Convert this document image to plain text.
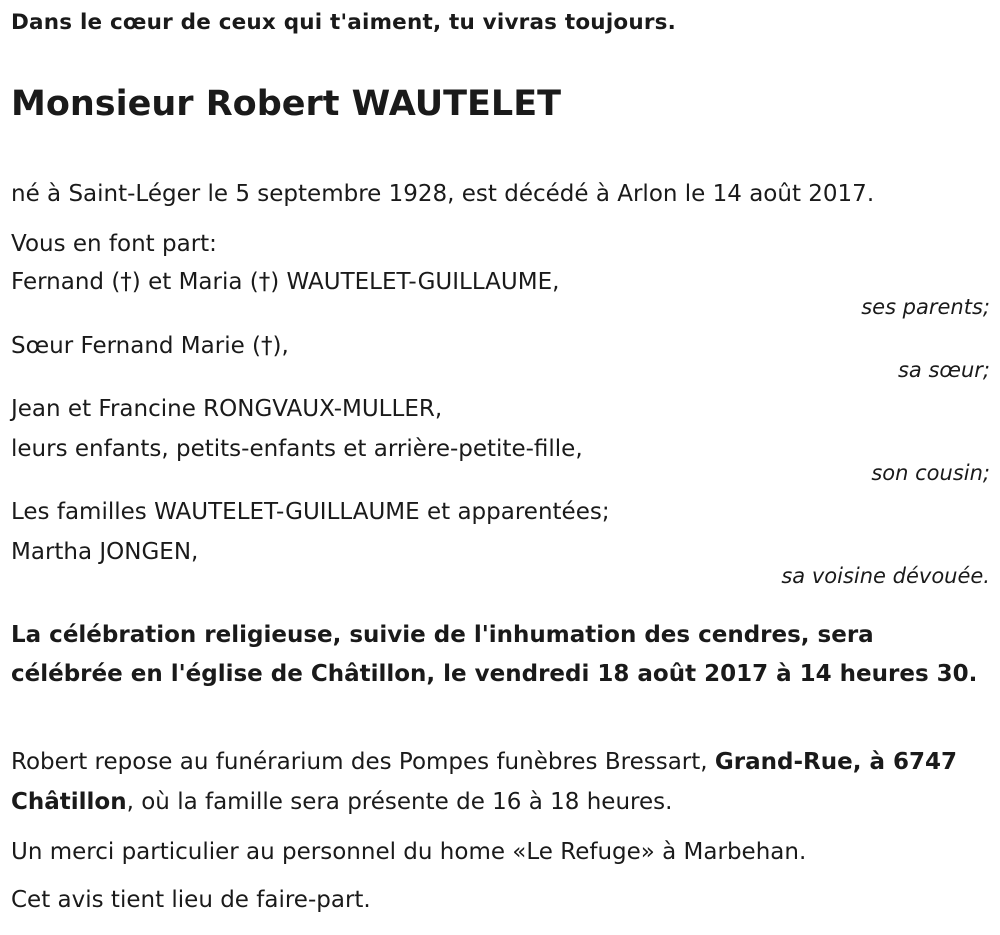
Dans le cœur de ceux qui t'aiment, tu vivras toujours.
Monsieur Robert WAUTELET
né à Saint-Léger le 5 septembre 1928, est décédé à Arlon le 14 août 2017.
Vous en font part:
Fernand (†) et Maria (†) WAUTELET-GUILLAUME,
ses parents;
Sœur Fernand Marie (†),
sa sœur;
Jean et Francine RONGVAUX-MULLER,
leurs enfants, petits-enfants et arrière-petite-fille,
son cousin;
Les familles WAUTELET-GUILLAUME et apparentées;
Martha JONGEN,
sa voisine dévouée.
La célébration religieuse, suivie de l'inhumation des cendres, sera célébrée en l'église de Châtillon, le vendredi 18 août 2017 à 14 heures 30.
Robert repose au funérarium des Pompes funèbres Bressart, Grand-Rue, à 6747 Châtillon, où la famille sera présente de 16 à 18 heures.
Un merci particulier au personnel du home «Le Refuge» à Marbehan.
Cet avis tient lieu de faire-part.
